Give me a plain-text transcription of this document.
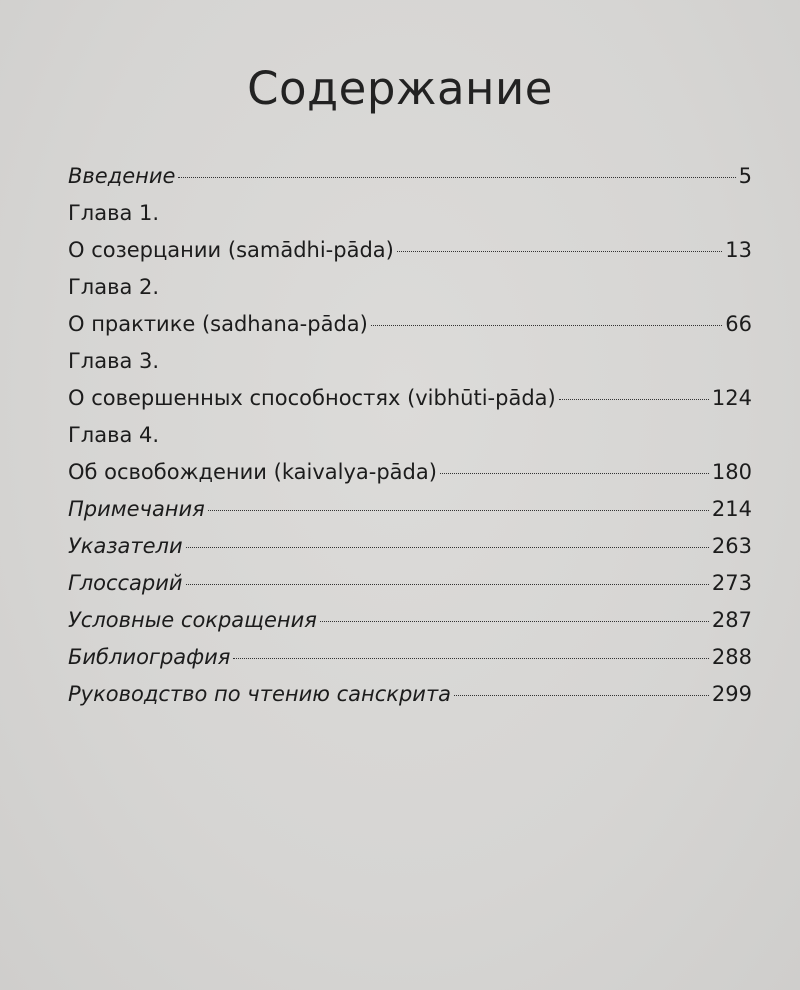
Содержание
Введение	5
Глава 1.
О созерцании (samādhi-pāda)	13
Глава 2.
О практике (sadhana-pāda)	66
Глава 3.
О совершенных способностях (vibhūti-pāda)	124
Глава 4.
Об освобождении (kaivalya-pāda)	180
Примечания	214
Указатели	263
Глоссарий	273
Условные сокращения	287
Библиография	288
Руководство по чтению санскрита	299
